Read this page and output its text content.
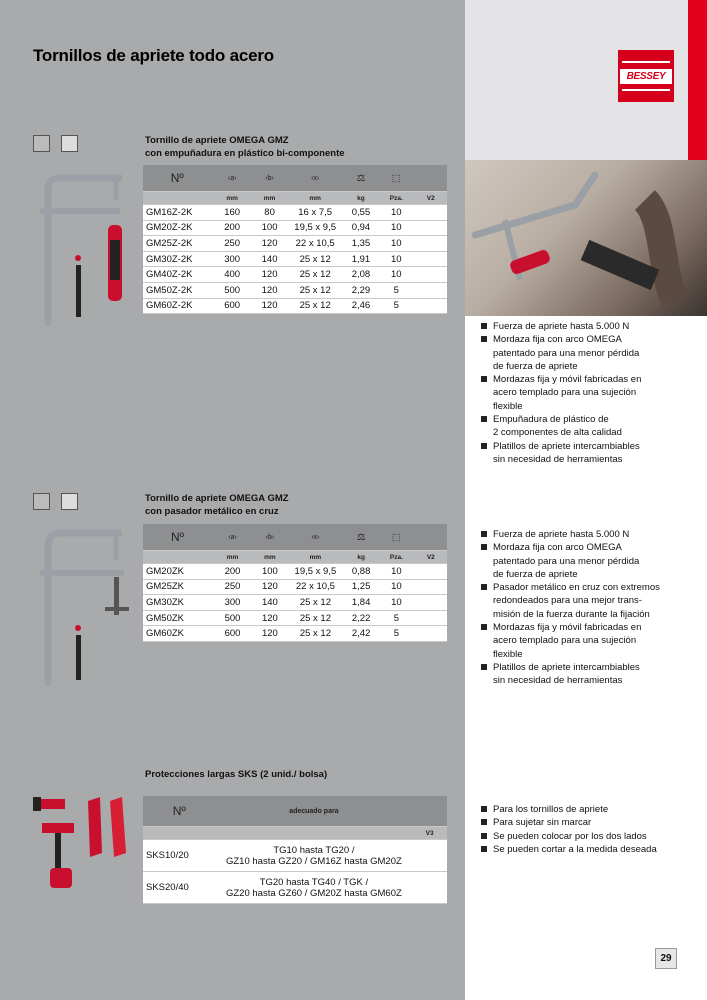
Tornillos de apriete todo acero
BESSEY
Tornillo de apriete OMEGA GMZ
con empuñadura en plástico bi-componente
Nº	‹a›	‹b›	‹x›	⚖	⬚	
	mm	mm	mm	kg	Pza.	V2
GM16Z-2K	160	80	16 x 7,5	0,55	10	
GM20Z-2K	200	100	19,5 x 9,5	0,94	10	
GM25Z-2K	250	120	22 x 10,5	1,35	10	
GM30Z-2K	300	140	25 x 12	1,91	10	
GM40Z-2K	400	120	25 x 12	2,08	10	
GM50Z-2K	500	120	25 x 12	2,29	5	
GM60Z-2K	600	120	25 x 12	2,46	5	
Fuerza de apriete hasta 5.000 N
Mordaza fija con arco OMEGA
patentado para una menor pérdida
de fuerza de apriete
Mordazas fija y móvil fabricadas en
acero templado para una sujeción
flexible
Empuñadura de plástico de
2 componentes de alta calidad
Platillos de apriete intercambiables
sin necesidad de herramientas
Tornillo de apriete OMEGA GMZ
con pasador metálico en cruz
Nº	‹a›	‹b›	‹x›	⚖	⬚	
	mm	mm	mm	kg	Pza.	V2
GM20ZK	200	100	19,5 x 9,5	0,88	10	
GM25ZK	250	120	22 x 10,5	1,25	10	
GM30ZK	300	140	25 x 12	1,84	10	
GM50ZK	500	120	25 x 12	2,22	5	
GM60ZK	600	120	25 x 12	2,42	5	
Fuerza de apriete hasta 5.000 N
Mordaza fija con arco OMEGA
patentado para una menor pérdida
de fuerza de apriete
Pasador metálico en cruz con extremos
redondeados para una mejor trans-
misión de la fuerza durante la fijación
Mordazas fija y móvil fabricadas en
acero templado para una sujeción
flexible
Platillos de apriete intercambiables
sin necesidad de herramientas
Protecciones largas SKS (2 unid./ bolsa)
Nº	adecuado para	
		V3
SKS10/20	TG10 hasta TG20 /
GZ10 hasta GZ20 / GM16Z hasta GM20Z	

SKS20/40	TG20 hasta TG40 / TGK /
GZ20 hasta GZ60 / GM20Z hasta GM60Z	

Para los tornillos de apriete
Para sujetar sin marcar
Se pueden colocar por los dos lados
Se pueden cortar a la medida deseada
29
